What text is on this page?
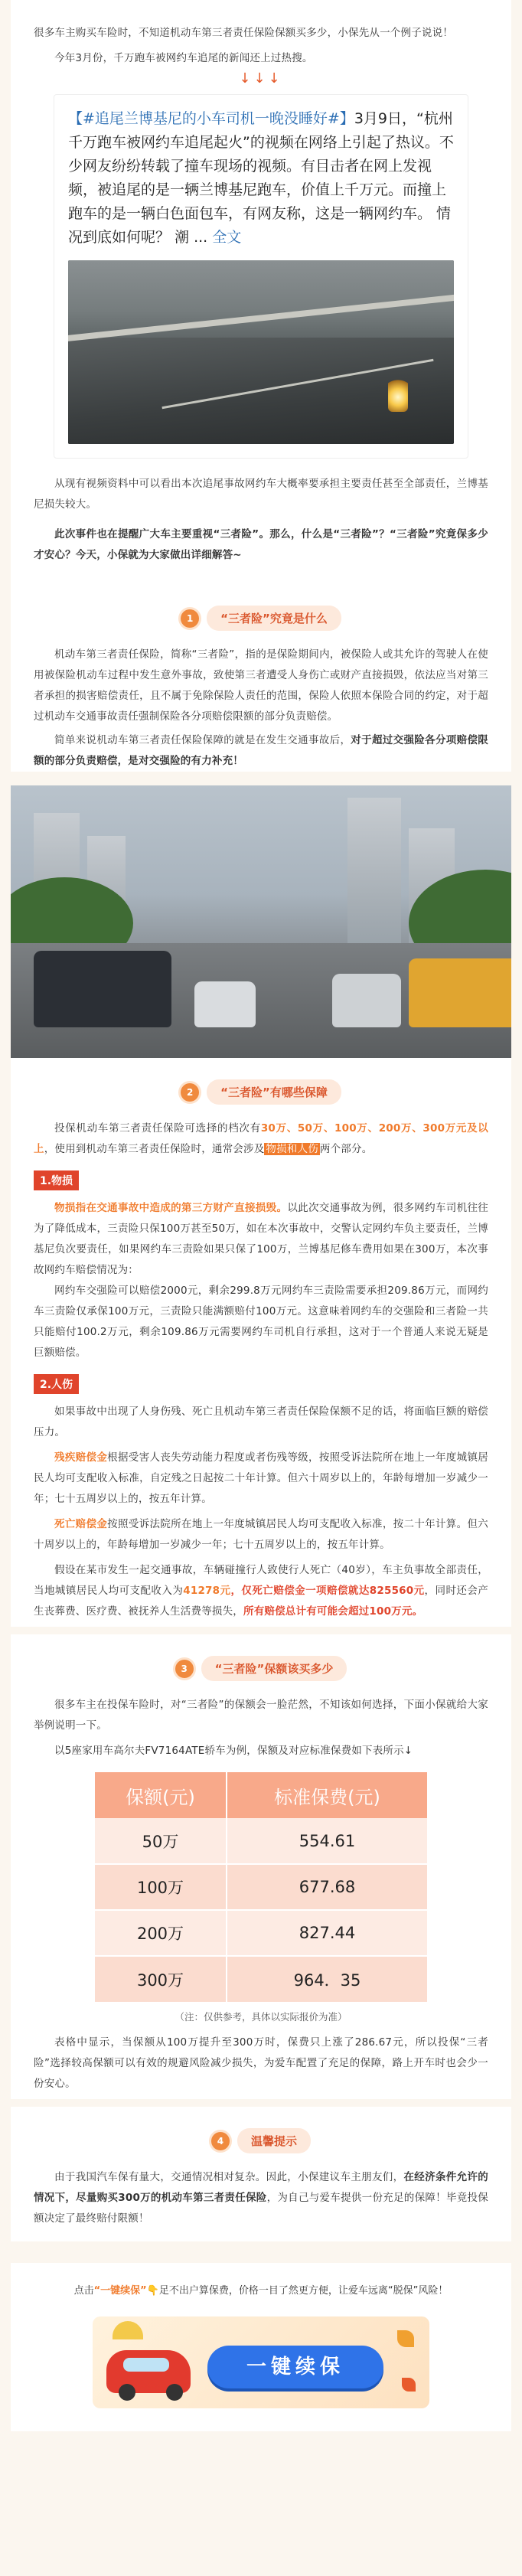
很多车主购买车险时，不知道机动车第三者责任保险保额买多少，小保先从一个例子说说！

今年3月份，千万跑车被网约车追尾的新闻还上过热搜。

↓↓↓
【#追尾兰博基尼的小车司机一晚没睡好#】3月9日，“杭州千万跑车被网约车追尾起火”的视频在网络上引起了热议。不少网友纷纷转载了撞车现场的视频。有目击者在网上发视频，被追尾的是一辆兰博基尼跑车，价值上千万元。而撞上跑车的是一辆白色面包车，有网友称，这是一辆网约车。 情况到底如何呢？ 潮 ... 全文

从现有视频资料中可以看出本次追尾事故网约车大概率要承担主要责任甚至全部责任，兰博基尼损失较大。

此次事件也在提醒广大车主要重视“三者险”。那么，什么是“三者险”？“三者险”究竟保多少才安心？今天，小保就为大家做出详细解答~

1	“三者险”究竟是什么

机动车第三者责任保险，简称“三者险”，指的是保险期间内，被保险人或其允许的驾驶人在使用被保险机动车过程中发生意外事故，致使第三者遭受人身伤亡或财产直接损毁，依法应当对第三者承担的损害赔偿责任，且不属于免除保险人责任的范围，保险人依照本保险合同的约定，对于超过机动车交通事故责任强制保险各分项赔偿限额的部分负责赔偿。

简单来说机动车第三者责任保险保障的就是在发生交通事故后，对于超过交强险各分项赔偿限额的部分负责赔偿，是对交强险的有力补充！

2	“三者险”有哪些保障

投保机动车第三者责任保险可选择的档次有30万、50万、100万、200万、300万元及以上，使用到机动车第三者责任保险时，通常会涉及 物损和人伤 两个部分。

1.物损

物损指在交通事故中造成的第三方财产直接损毁。以此次交通事故为例，很多网约车司机往往为了降低成本，三责险只保100万甚至50万，如在本次事故中，交警认定网约车负主要责任，兰博基尼负次要责任，如果网约车三责险如果只保了100万，兰博基尼修车费用如果在300万，本次事故网约车赔偿情况为：

网约车交强险可以赔偿2000元，剩余299.8万元网约车三责险需要承担209.86万元，而网约车三责险仅承保100万元，三责险只能满额赔付100万元。这意味着网约车的交强险和三者险一共只能赔付100.2万元，剩余109.86万元需要网约车司机自行承担，这对于一个普通人来说无疑是巨额赔偿。

2.人伤

如果事故中出现了人身伤残、死亡且机动车第三者责任保险保额不足的话，将面临巨额的赔偿压力。

残疾赔偿金根据受害人丧失劳动能力程度或者伤残等级，按照受诉法院所在地上一年度城镇居民人均可支配收入标准，自定残之日起按二十年计算。但六十周岁以上的，年龄每增加一岁减少一年；七十五周岁以上的，按五年计算。

死亡赔偿金按照受诉法院所在地上一年度城镇居民人均可支配收入标准，按二十年计算。但六十周岁以上的，年龄每增加一岁减少一年；七十五周岁以上的，按五年计算。

假设在某市发生一起交通事故，车辆碰撞行人致使行人死亡（40岁），车主负事故全部责任，当地城镇居民人均可支配收入为41278元，仅死亡赔偿金一项赔偿就达825560元，同时还会产生丧葬费、医疗费、被抚养人生活费等损失，所有赔偿总计有可能会超过100万元。

3	“三者险”保额该买多少

很多车主在投保车险时，对“三者险”的保额会一脸茫然，不知该如何选择，下面小保就给大家举例说明一下。

以5座家用车高尔夫FV7164ATE轿车为例，保额及对应标准保费如下表所示↓

保额(元)	标准保费(元)
50万	554.61
100万	677.68
200万	827.44
300万	964．35

（注：仅供参考，具体以实际报价为准）

表格中显示，当保额从100万提升至300万时，保费只上涨了286.67元，所以投保“三者险”选择较高保额可以有效的规避风险减少损失，为爱车配置了充足的保障，路上开车时也会少一份安心。

4	温馨提示

由于我国汽车保有量大，交通情况相对复杂。因此，小保建议车主朋友们，在经济条件允许的情况下，尽量购买300万的机动车第三者责任保险，为自己与爱车提供一份充足的保障！毕竟投保额决定了最终赔付限额！

点击“一键续保”👇足不出户算保费，价格一目了然更方便，让爱车远离“脱保”风险！

一键续保
